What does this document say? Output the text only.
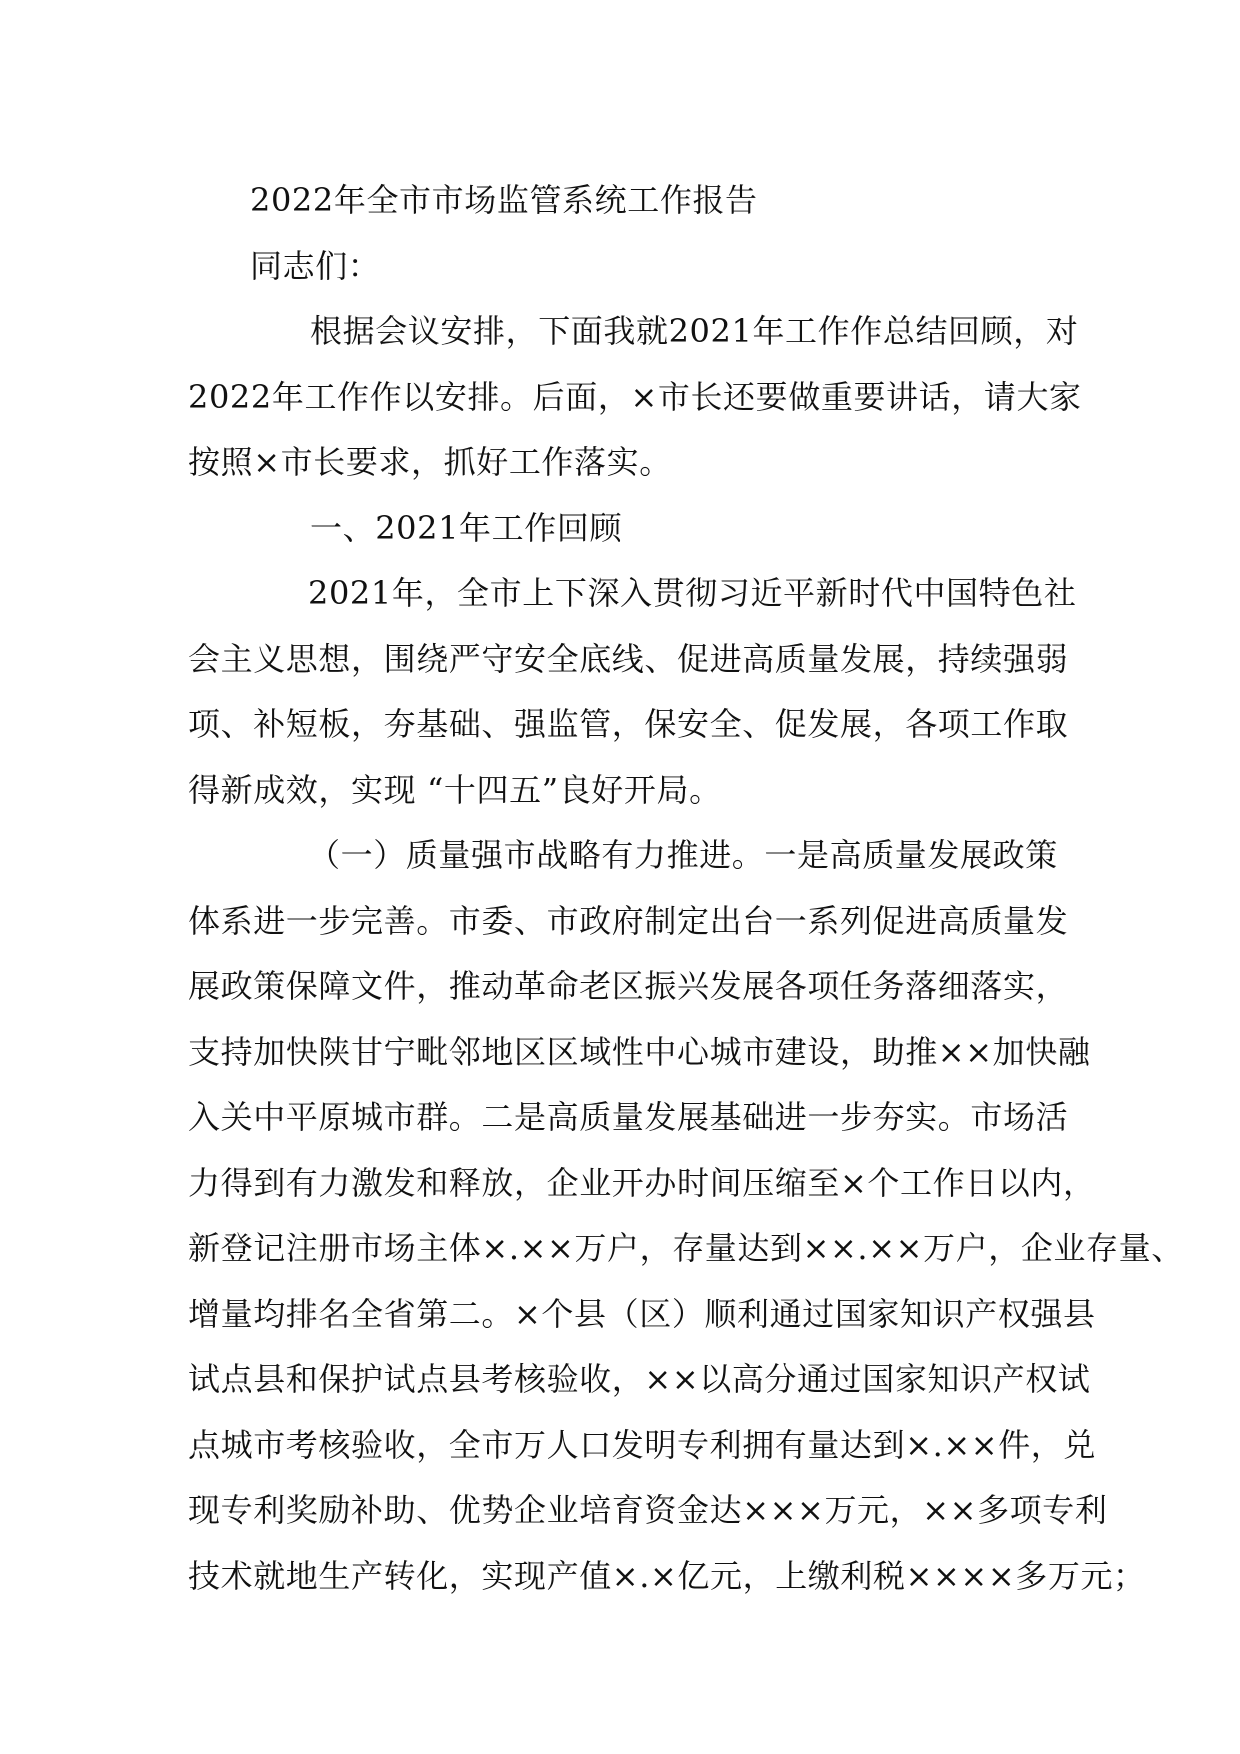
2022年全市市场监管系统工作报告
同志们：
根据会议安排，下面我就2021年工作作总结回顾，对
2022年工作作以安排。后面，×市长还要做重要讲话，请大家
按照×市长要求，抓好工作落实。
一、2021年工作回顾
2021年，全市上下深入贯彻习近平新时代中国特色社
会主义思想，围绕严守安全底线、促进高质量发展，持续强弱
项、补短板，夯基础、强监管，保安全、促发展，各项工作取
得新成效，实现 “十四五”良好开局。
（一）质量强市战略有力推进。一是高质量发展政策
体系进一步完善。市委、市政府制定出台一系列促进高质量发
展政策保障文件，推动革命老区振兴发展各项任务落细落实，
支持加快陕甘宁毗邻地区区域性中心城市建设，助推××加快融
入关中平原城市群。二是高质量发展基础进一步夯实。市场活
力得到有力激发和释放，企业开办时间压缩至×个工作日以内，
新登记注册市场主体×.××万户，存量达到××.××万户，企业存量、
增量均排名全省第二。×个县（区）顺利通过国家知识产权强县
试点县和保护试点县考核验收，××以高分通过国家知识产权试
点城市考核验收，全市万人口发明专利拥有量达到×.××件，兑
现专利奖励补助、优势企业培育资金达×××万元，××多项专利
技术就地生产转化，实现产值×.×亿元，上缴利税××××多万元；
